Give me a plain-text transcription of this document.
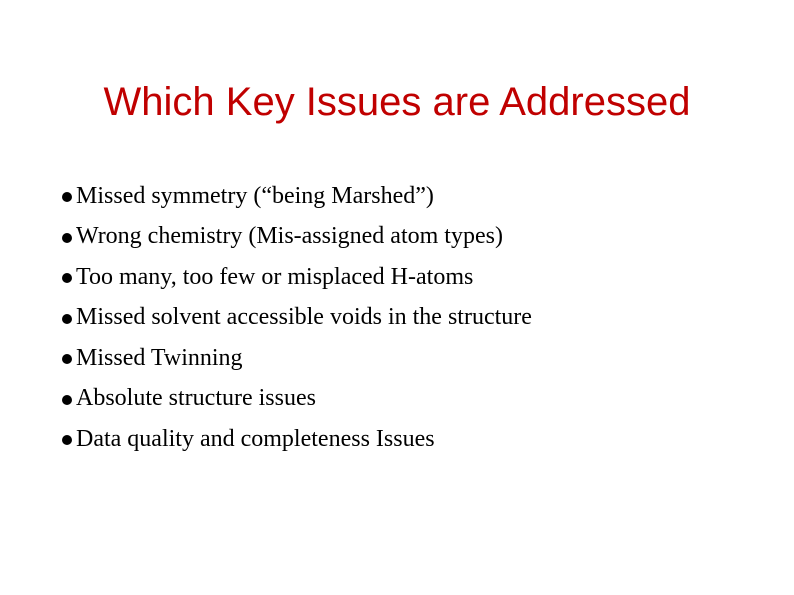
Which Key Issues are Addressed
Missed symmetry (“being Marshed”)
Wrong chemistry (Mis-assigned atom types)
Too many, too few or misplaced H-atoms
Missed solvent accessible voids in the structure
Missed Twinning
Absolute structure issues
Data quality and completeness Issues
